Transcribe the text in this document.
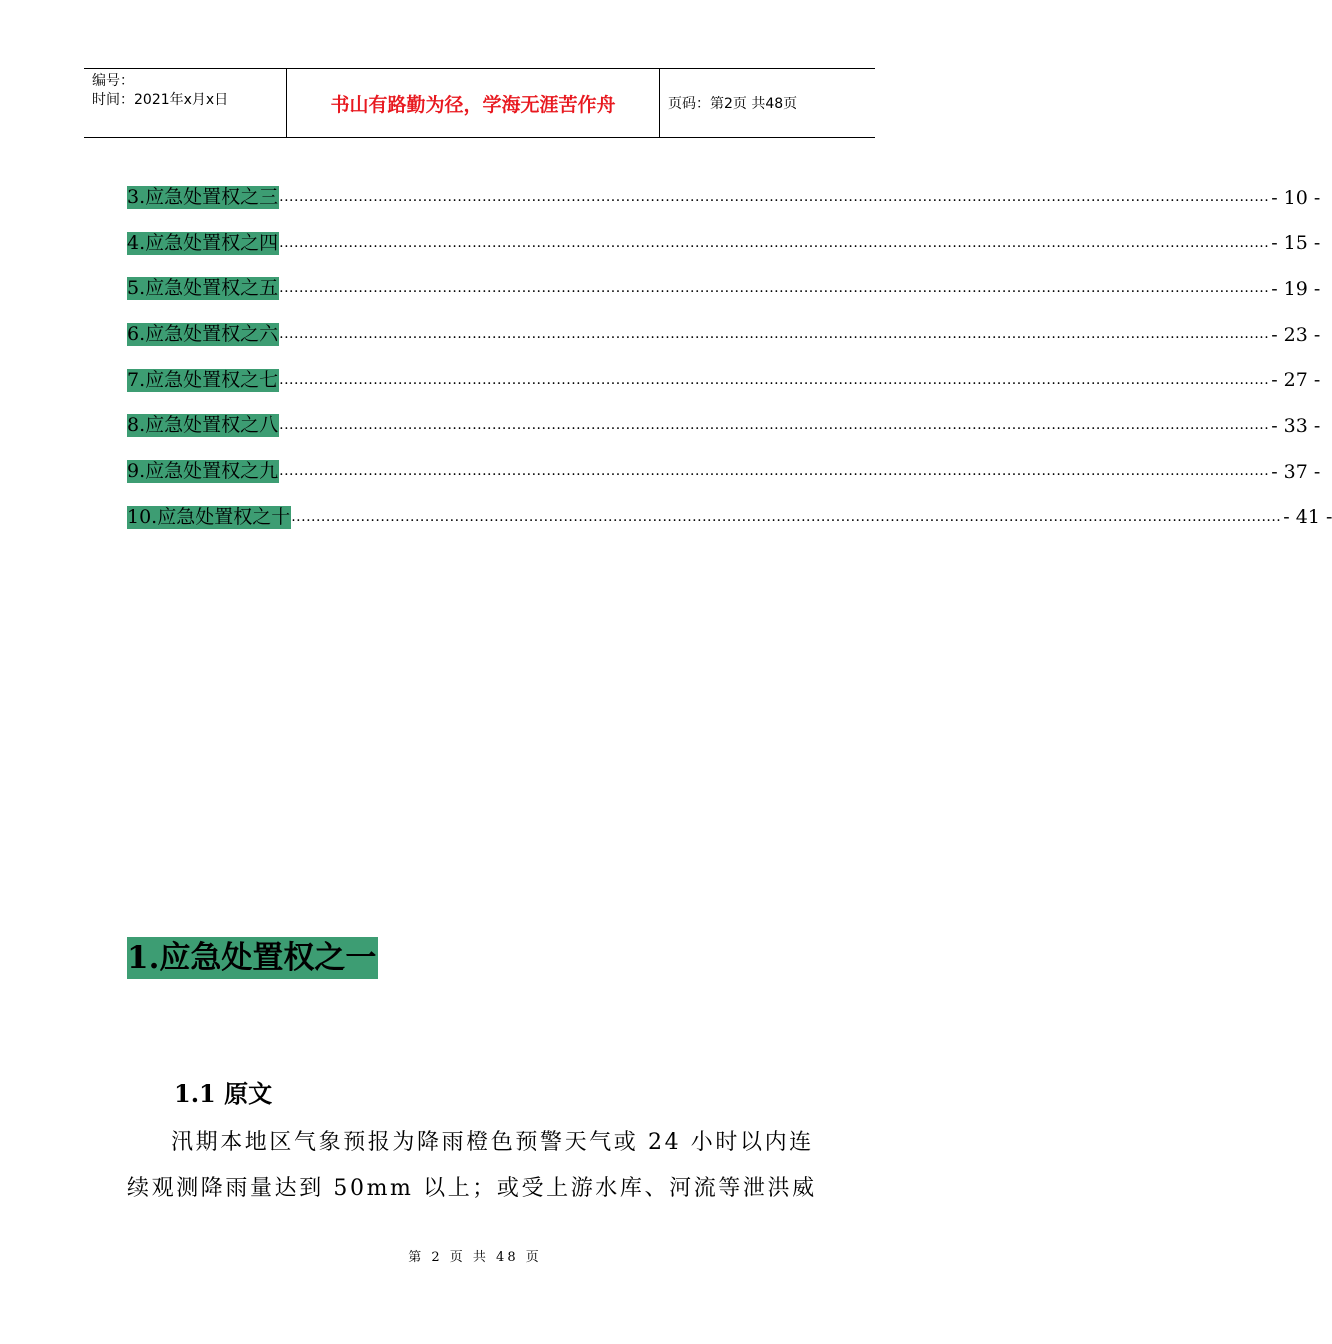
编号：
时间：2021年x月x日	书山有路勤为径，学海无涯苦作舟	页码：第2页 共48页
3.应急处置权之三 ........................................................................................................................................................................................................ - 10 -
4.应急处置权之四 ........................................................................................................................................................................................................ - 15 -
5.应急处置权之五 ........................................................................................................................................................................................................ - 19 -
6.应急处置权之六 ........................................................................................................................................................................................................ - 23 -
7.应急处置权之七 ........................................................................................................................................................................................................ - 27 -
8.应急处置权之八 ........................................................................................................................................................................................................ - 33 -
9.应急处置权之九 ........................................................................................................................................................................................................ - 37 -
10.应急处置权之十 ........................................................................................................................................................................................................ - 41 -
1.应急处置权之一
1.1 原文

汛期本地区气象预报为降雨橙色预警天气或 24 小时以内连

续观测降雨量达到 50mm 以上；或受上游水库、河流等泄洪威

第 2 页 共 48 页
